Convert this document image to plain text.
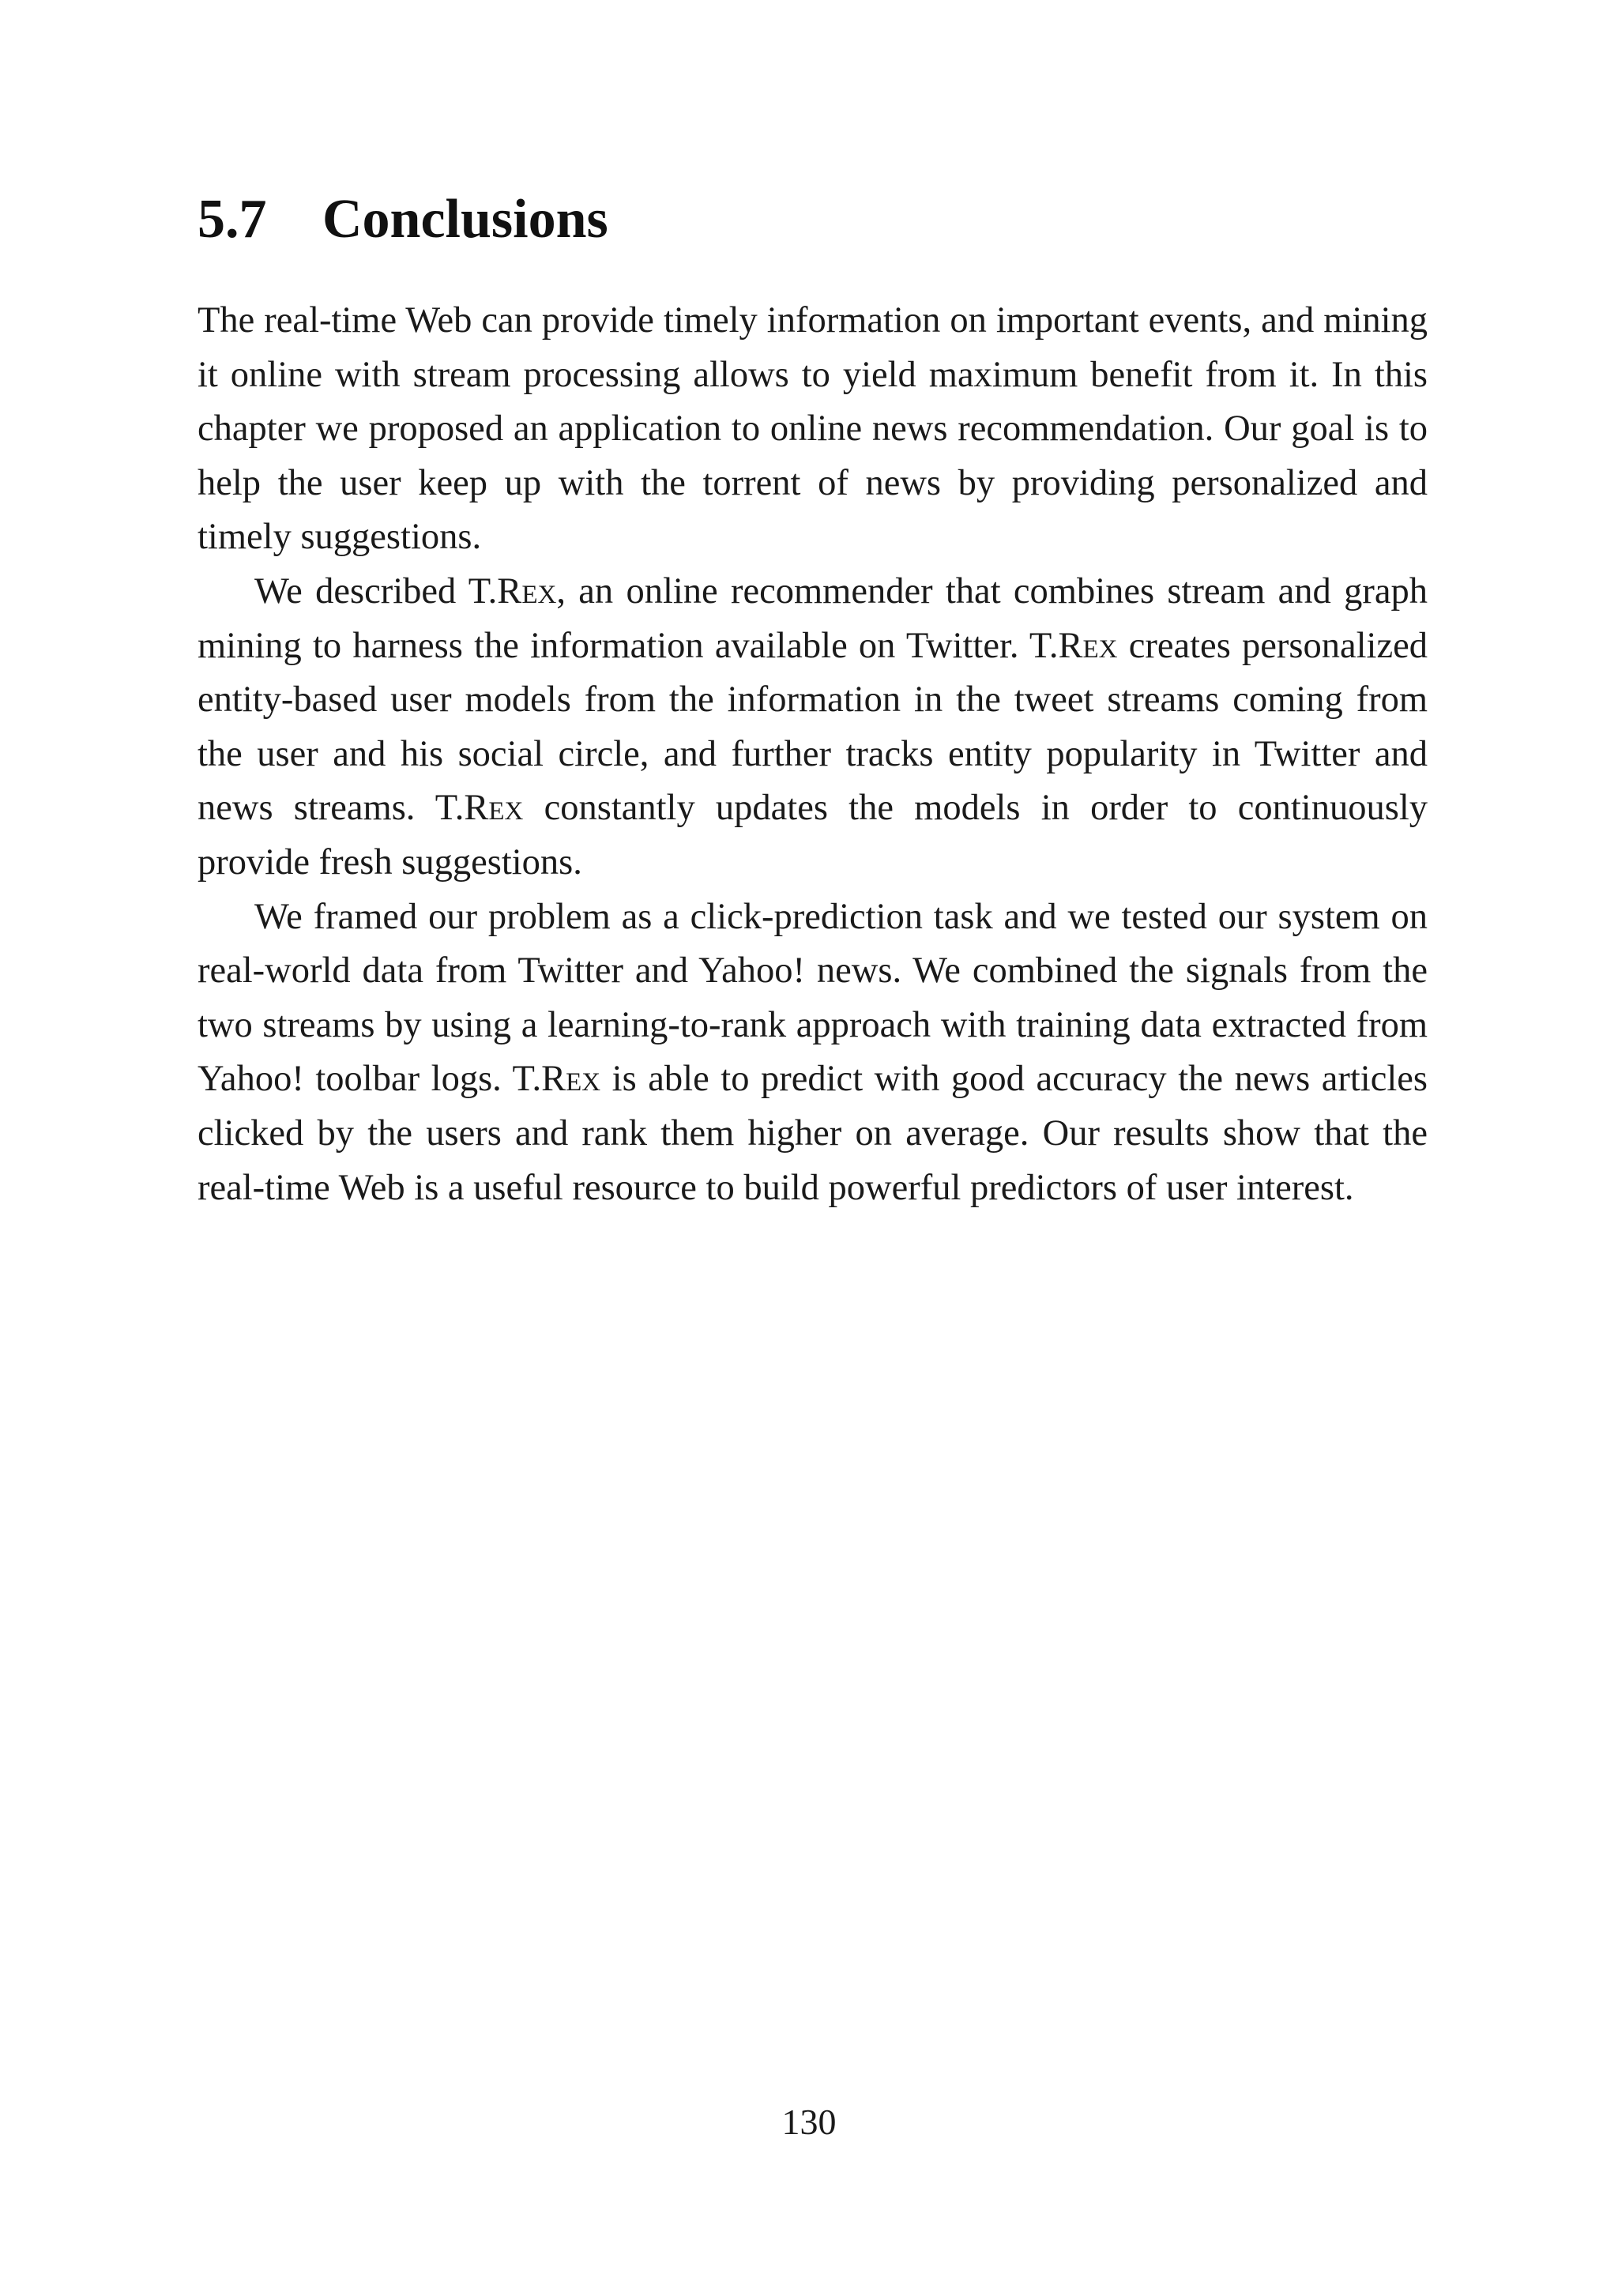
5.7 Conclusions

The real-time Web can provide timely information on important events, and mining it online with stream processing allows to yield maximum benefit from it. In this chapter we proposed an application to online news recommendation. Our goal is to help the user keep up with the torrent of news by providing personalized and timely suggestions.

We described T.Rex, an online recommender that combines stream and graph mining to harness the information available on Twitter. T.Rex creates personalized entity-based user models from the information in the tweet streams coming from the user and his social circle, and further tracks entity popularity in Twitter and news streams. T.Rex constantly updates the models in order to continuously provide fresh suggestions.

We framed our problem as a click-prediction task and we tested our system on real-world data from Twitter and Yahoo! news. We combined the signals from the two streams by using a learning-to-rank approach with training data extracted from Yahoo! toolbar logs. T.Rex is able to predict with good accuracy the news articles clicked by the users and rank them higher on average. Our results show that the real-time Web is a useful resource to build powerful predictors of user interest.

130
